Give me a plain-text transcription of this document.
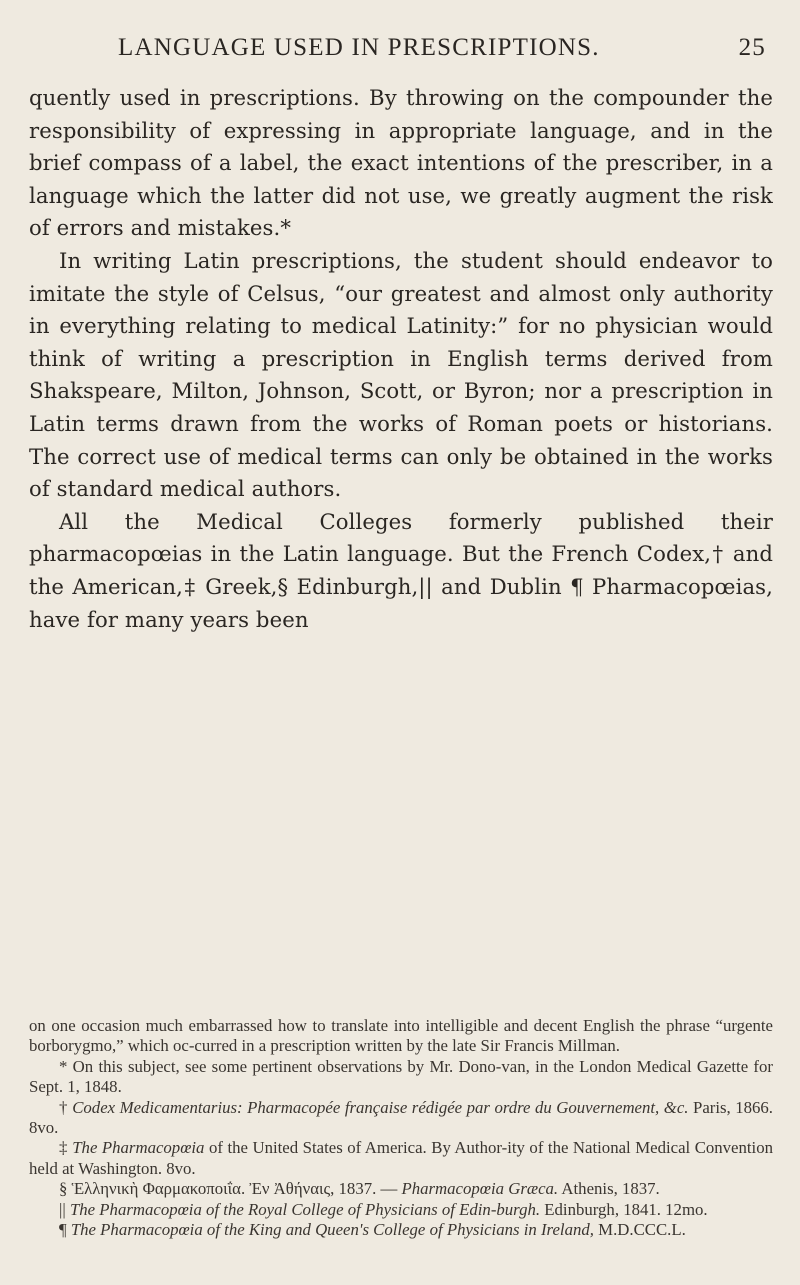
LANGUAGE USED IN PRESCRIPTIONS.	25

quently used in prescriptions. By throwing on the compounder the responsibility of expressing in appropriate language, and in the brief compass of a label, the exact intentions of the prescriber, in a language which the latter did not use, we greatly augment the risk of errors and mistakes.*

In writing Latin prescriptions, the student should endeavor to imitate the style of Celsus, “our greatest and almost only authority in everything relating to medical Latinity:” for no physician would think of writing a prescription in English terms derived from Shakspeare, Milton, Johnson, Scott, or Byron; nor a prescription in Latin terms drawn from the works of Roman poets or historians. The correct use of medical terms can only be obtained in the works of standard medical authors.

All the Medical Colleges formerly published their pharmacopœias in the Latin language. But the French Codex,† and the American,‡ Greek,§ Edinburgh,|| and Dublin ¶ Pharmacopœias, have for many years been

on one occasion much embarrassed how to translate into intelligible and decent English the phrase “urgente borborygmo,” which oc-curred in a prescription written by the late Sir Francis Millman.

* On this subject, see some pertinent observations by Mr. Dono-van, in the London Medical Gazette for Sept. 1, 1848.

† Codex Medicamentarius: Pharmacopée française rédigée par ordre du Gouvernement, &c. Paris, 1866. 8vo.

‡ The Pharmacopœia of the United States of America. By Author-ity of the National Medical Convention held at Washington. 8vo.

§ Ἑλληνικὴ Φαρμακοποιΐα. Ἐν Ἀθήναις, 1837. — Pharmacopœia Græca. Athenis, 1837.

|| The Pharmacopœia of the Royal College of Physicians of Edin-burgh. Edinburgh, 1841. 12mo.

¶ The Pharmacopœia of the King and Queen's College of Physicians in Ireland, M.D.CCC.L.
